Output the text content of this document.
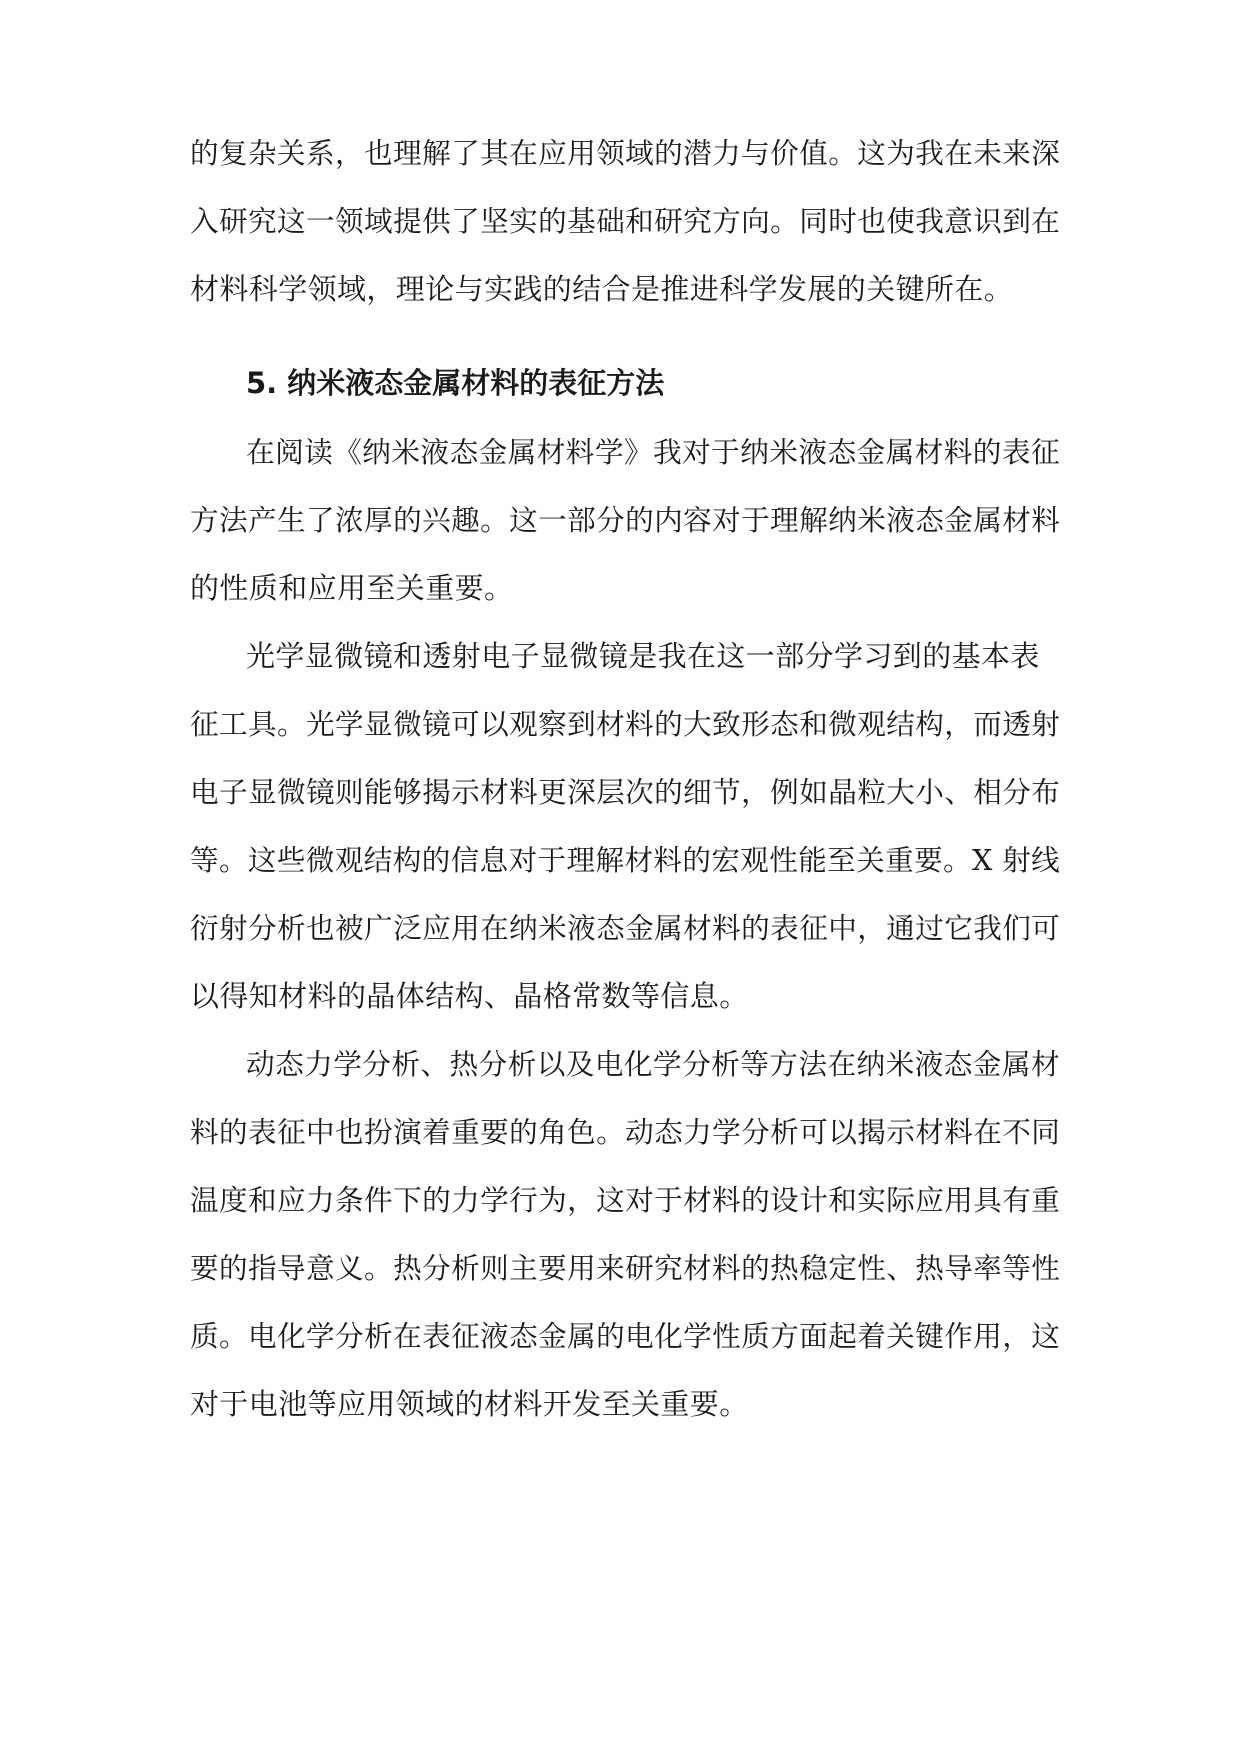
的复杂关系，也理解了其在应用领域的潜力与价值。这为我在未来深
入研究这一领域提供了坚实的基础和研究方向。同时也使我意识到在
材料科学领域，理论与实践的结合是推进科学发展的关键所在。
5. 纳米液态金属材料的表征方法
在阅读《纳米液态金属材料学》我对于纳米液态金属材料的表征
方法产生了浓厚的兴趣。这一部分的内容对于理解纳米液态金属材料
的性质和应用至关重要。
光学显微镜和透射电子显微镜是我在这一部分学习到的基本表
征工具。光学显微镜可以观察到材料的大致形态和微观结构，而透射
电子显微镜则能够揭示材料更深层次的细节，例如晶粒大小、相分布
等。这些微观结构的信息对于理解材料的宏观性能至关重要。X 射线
衍射分析也被广泛应用在纳米液态金属材料的表征中，通过它我们可
以得知材料的晶体结构、晶格常数等信息。
动态力学分析、热分析以及电化学分析等方法在纳米液态金属材
料的表征中也扮演着重要的角色。动态力学分析可以揭示材料在不同
温度和应力条件下的力学行为，这对于材料的设计和实际应用具有重
要的指导意义。热分析则主要用来研究材料的热稳定性、热导率等性
质。电化学分析在表征液态金属的电化学性质方面起着关键作用，这
对于电池等应用领域的材料开发至关重要。
